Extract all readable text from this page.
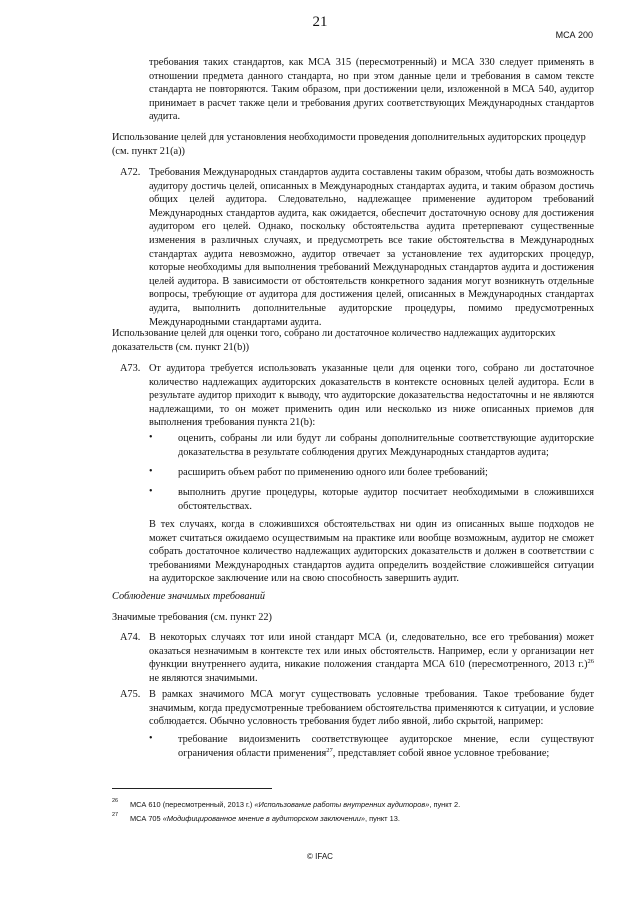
21
МСА 200
требования таких стандартов, как МСА 315 (пересмотренный) и МСА 330 следует применять в отношении предмета данного стандарта, но при этом данные цели и требования в самом тексте стандарта не повторяются. Таким образом, при достижении цели, изложенной в МСА 540, аудитор принимает в расчет также цели и требования других соответствующих Международных стандартов аудита.
Использование целей для установления необходимости проведения дополнительных аудиторских процедур (см. пункт 21(a))
A72. Требования Международных стандартов аудита составлены таким образом, чтобы дать возможность аудитору достичь целей, описанных в Международных стандартах аудита, и таким образом достичь общих целей аудитора. Следовательно, надлежащее применение аудитором требований Международных стандартов аудита, как ожидается, обеспечит достаточную основу для достижения аудитором его целей. Однако, поскольку обстоятельства аудита претерпевают существенные изменения в различных случаях, и предусмотреть все такие обстоятельства в Международных стандартах аудита невозможно, аудитор отвечает за установление тех аудиторских процедур, которые необходимы для выполнения требований Международных стандартов аудита и достижения целей аудитора. В зависимости от обстоятельств конкретного задания могут возникнуть отдельные вопросы, требующие от аудитора для достижения целей, описанных в Международных стандартах аудита, выполнить дополнительные аудиторские процедуры, помимо предусмотренных Международными стандартами аудита.
Использование целей для оценки того, собрано ли достаточное количество надлежащих аудиторских доказательств (см. пункт 21(b))
A73. От аудитора требуется использовать указанные цели для оценки того, собрано ли достаточное количество надлежащих аудиторских доказательств в контексте основных целей аудитора. Если в результате аудитор приходит к выводу, что аудиторские доказательства недостаточны и не являются надлежащими, то он может применить один или несколько из ниже описанных приемов для выполнения требования пункта 21(b):
• оценить, собраны ли или будут ли собраны дополнительные соответствующие аудиторские доказательства в результате соблюдения других Международных стандартов аудита;
• расширить объем работ по применению одного или более требований;
• выполнить другие процедуры, которые аудитор посчитает необходимыми в сложившихся обстоятельствах.
В тех случаях, когда в сложившихся обстоятельствах ни один из описанных выше подходов не может считаться ожидаемо осуществимым на практике или вообще возможным, аудитор не сможет собрать достаточное количество надлежащих аудиторских доказательств и должен в соответствии с требованиями Международных стандартов аудита определить воздействие сложившейся ситуации на аудиторское заключение или на свою способность завершить аудит.
Соблюдение значимых требований
Значимые требования (см. пункт 22)
A74. В некоторых случаях тот или иной стандарт МСА (и, следовательно, все его требования) может оказаться незначимым в контексте тех или иных обстоятельств. Например, если у организации нет функции внутреннего аудита, никакие положения стандарта МСА 610 (пересмотренного, 2013 г.)$^{26}$ не являются значимыми.
A75. В рамках значимого МСА могут существовать условные требования. Такое требование будет значимым, когда предусмотренные требованием обстоятельства применяются к ситуации, и условие соблюдается. Обычно условность требования будет либо явной, либо скрытой, например:
• требование видоизменить соответствующее аудиторское мнение, если существуют ограничения области применения$^{27}$, представляет собой явное условное требование;
26 МСА 610 (пересмотренный, 2013 г.) «Использование работы внутренних аудиторов», пункт 2.
27 МСА 705 «Модифицированное мнение в аудиторском заключении», пункт 13.
© IFAC
